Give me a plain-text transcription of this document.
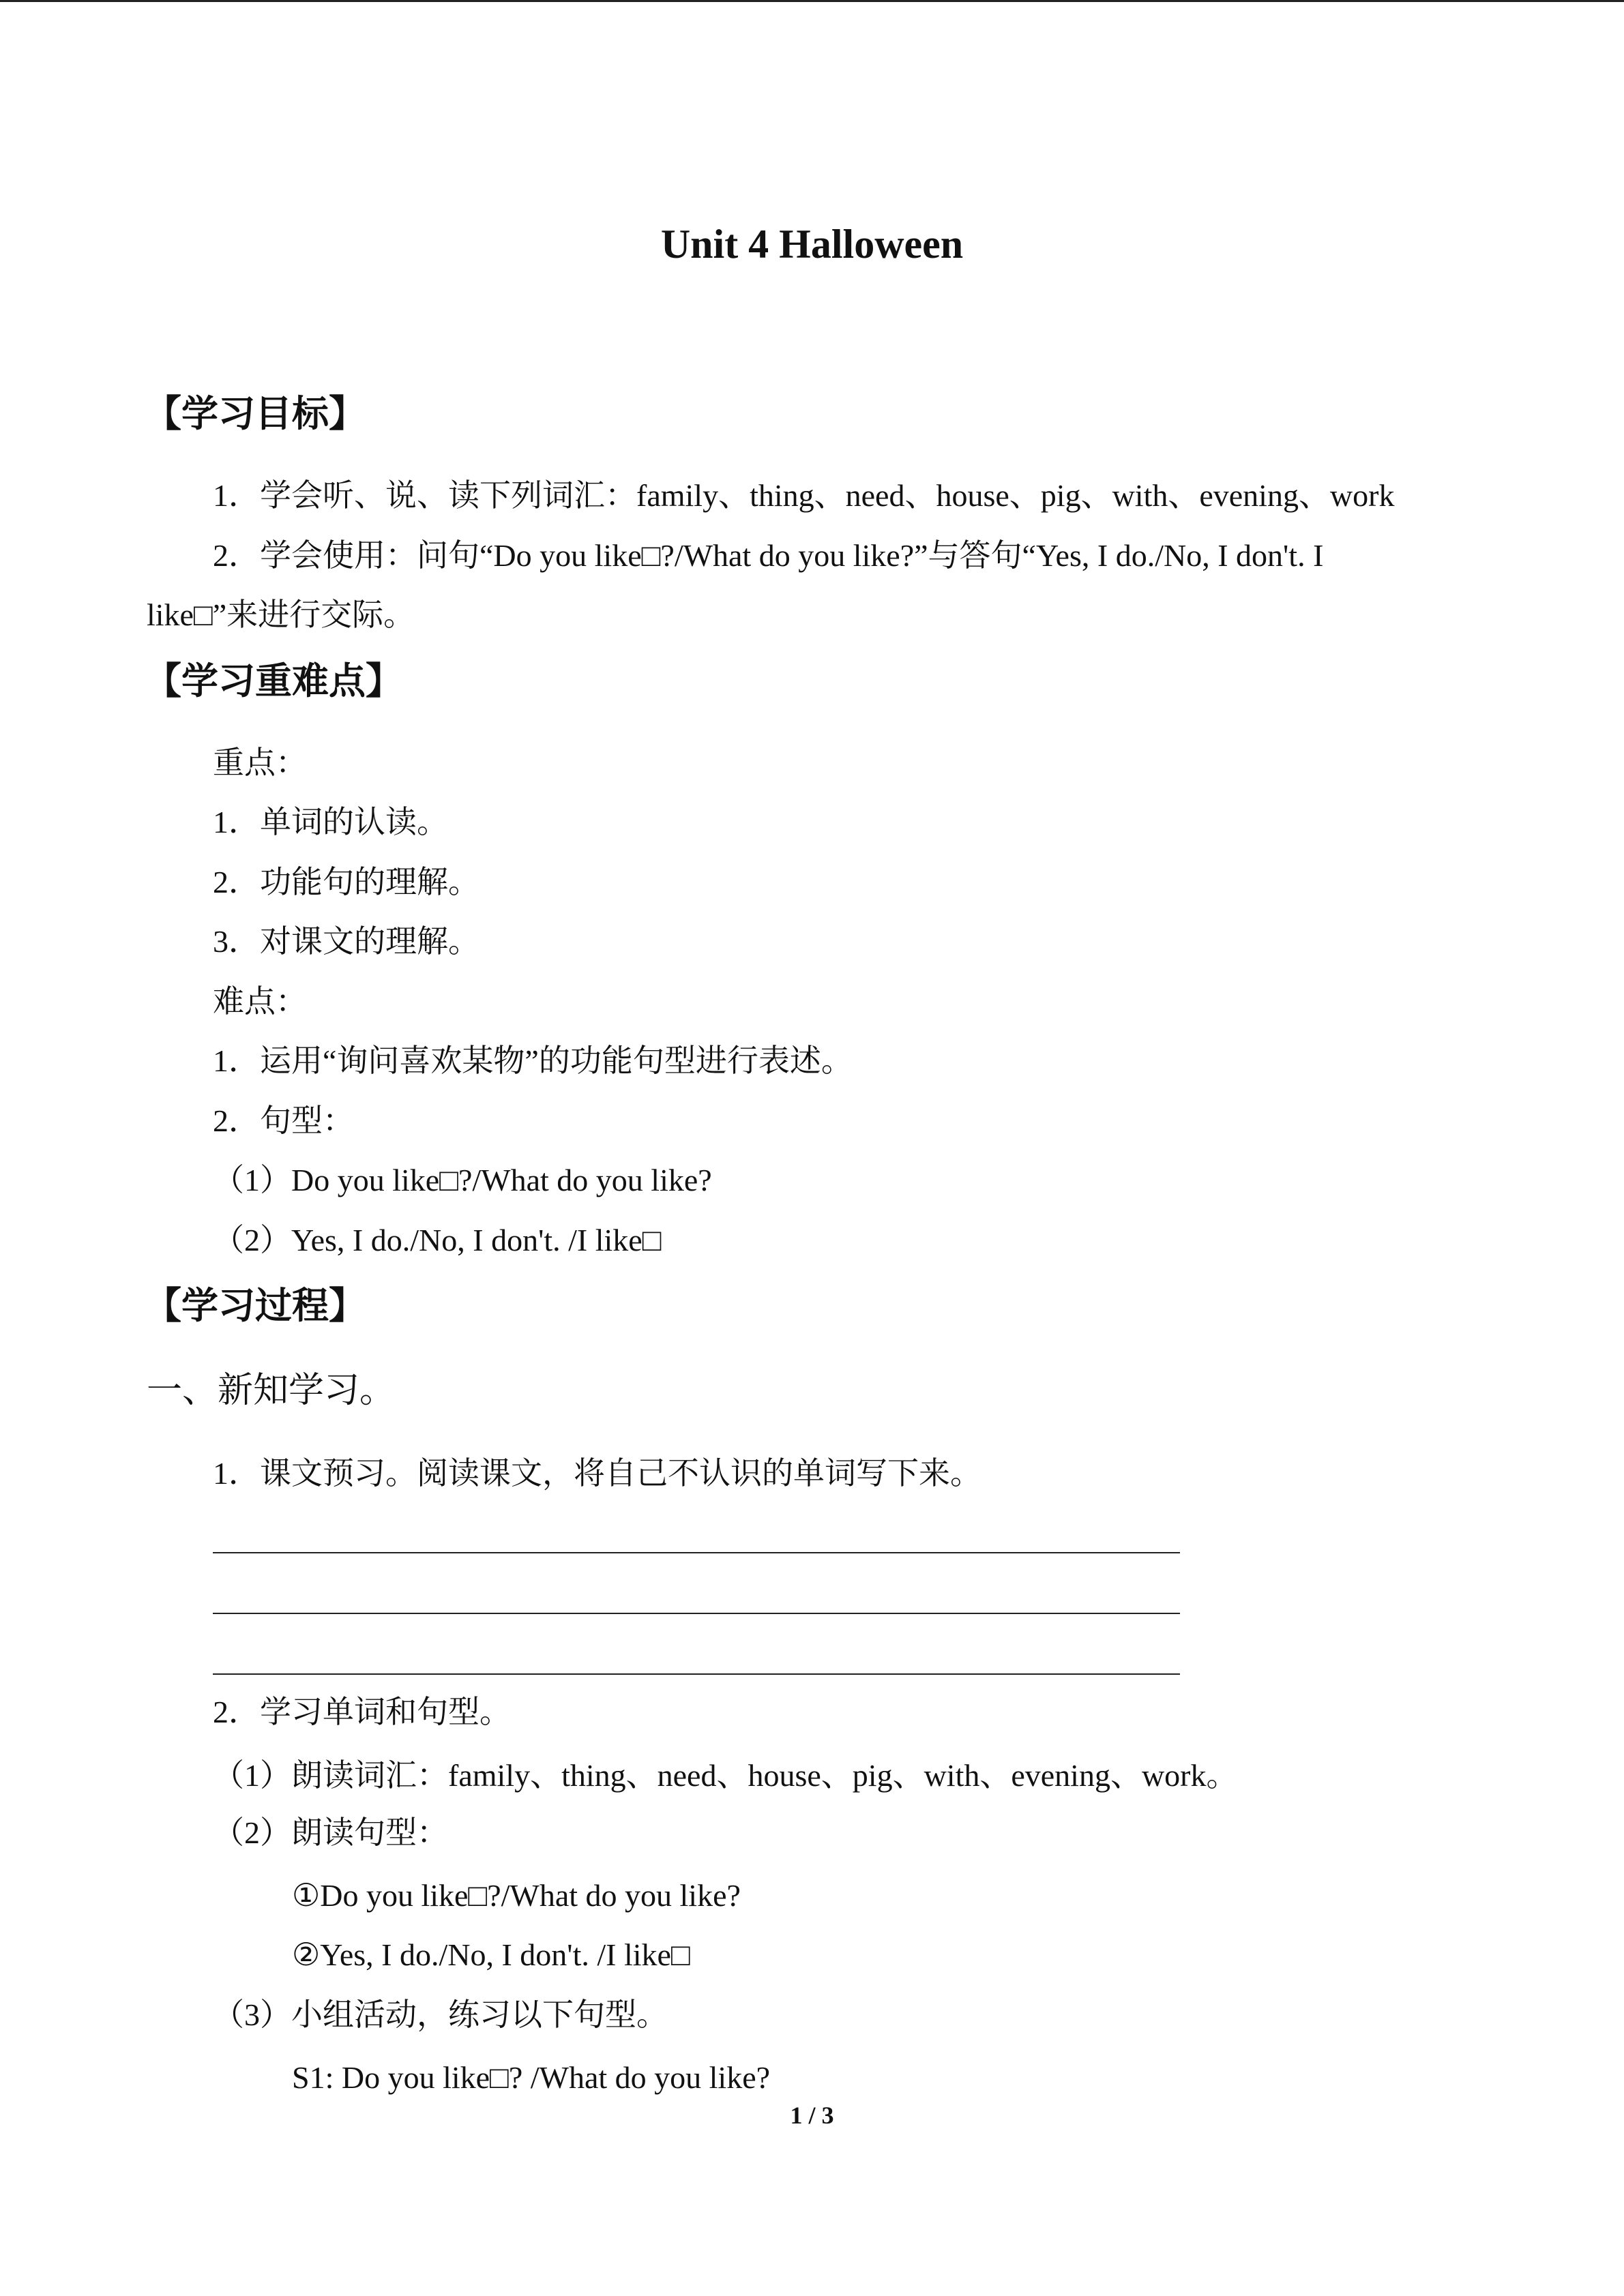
Unit 4 Halloween
【学习目标】
1．学会听、说、读下列词汇：family、thing、need、house、pig、with、evening、work
2．学会使用：问句“Do you like□?/What do you like?”与答句“Yes, I do./No, I don't. I
like□”来进行交际。
【学习重难点】
重点：
1．单词的认读。
2．功能句的理解。
3．对课文的理解。
难点：
1．运用“询问喜欢某物”的功能句型进行表述。
2．句型：
（1）Do you like□?/What do you like?
（2）Yes, I do./No, I don't. /I like□
【学习过程】
一、新知学习。
1．课文预习。阅读课文，将自己不认识的单词写下来。
2．学习单词和句型。
（1）朗读词汇：family、thing、need、house、pig、with、evening、work。
（2）朗读句型：
①Do you like□?/What do you like?
②Yes, I do./No, I don't. /I like□
（3）小组活动，练习以下句型。
S1: Do you like□? /What do you like?
1 / 3
